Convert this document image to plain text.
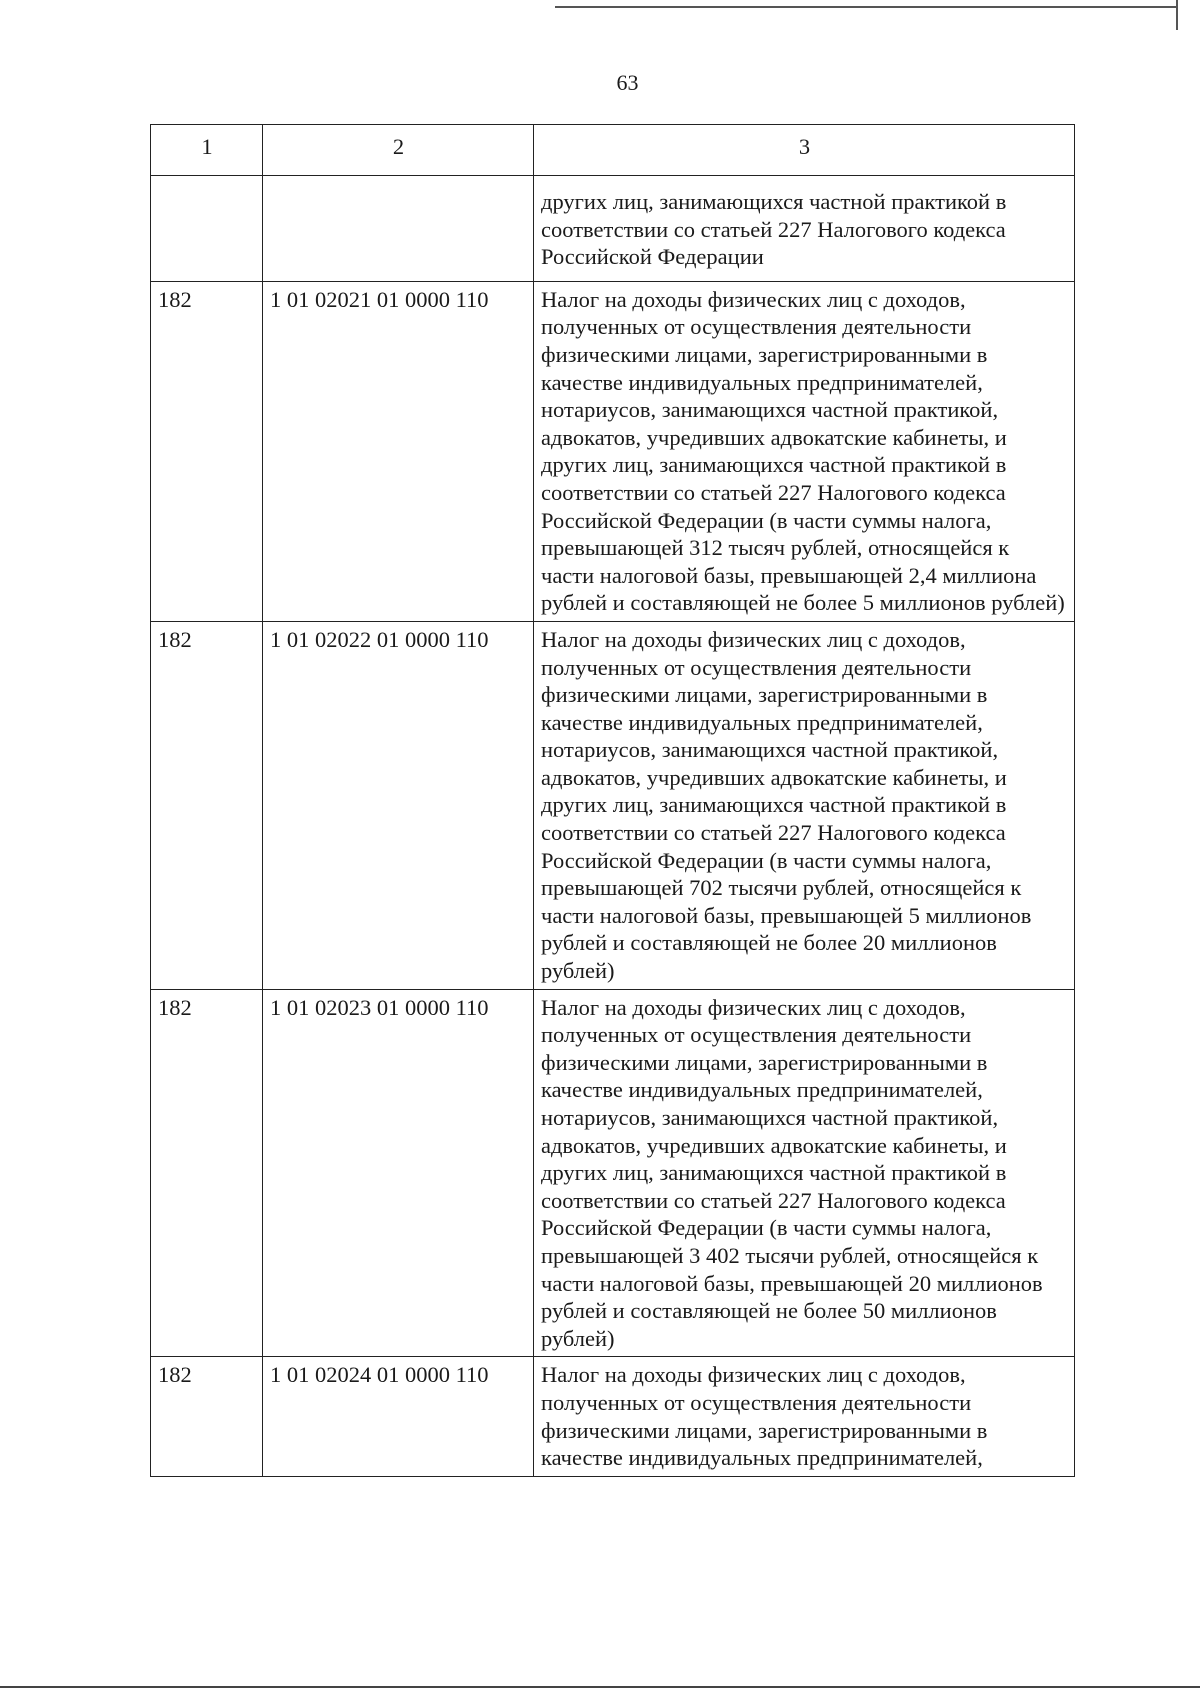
63
1	2	3
		других лиц, занимающихся частной практикой в соответствии со статьей 227 Налогового кодекса Российской Федерации
182	1 01 02021 01 0000 110	Налог на доходы физических лиц с доходов, полученных от осуществления деятельности физическими лицами, зарегистрированными в качестве индивидуальных предпринимателей, нотариусов, занимающихся частной практикой, адвокатов, учредивших адвокатские кабинеты, и других лиц, занимающихся частной практикой в соответствии со статьей 227 Налогового кодекса Российской Федерации (в части суммы налога, превышающей 312 тысяч рублей, относящейся к части налоговой базы, превышающей 2,4 миллиона рублей и составляющей не более 5 миллионов рублей)
182	1 01 02022 01 0000 110	Налог на доходы физических лиц с доходов, полученных от осуществления деятельности физическими лицами, зарегистрированными в качестве индивидуальных предпринимателей, нотариусов, занимающихся частной практикой, адвокатов, учредивших адвокатские кабинеты, и других лиц, занимающихся частной практикой в соответствии со статьей 227 Налогового кодекса Российской Федерации (в части суммы налога, превышающей 702 тысячи рублей, относящейся к части налоговой базы, превышающей 5 миллионов рублей и составляющей не более 20 миллионов рублей)
182	1 01 02023 01 0000 110	Налог на доходы физических лиц с доходов, полученных от осуществления деятельности физическими лицами, зарегистрированными в качестве индивидуальных предпринимателей, нотариусов, занимающихся частной практикой, адвокатов, учредивших адвокатские кабинеты, и других лиц, занимающихся частной практикой в соответствии со статьей 227 Налогового кодекса Российской Федерации (в части суммы налога, превышающей 3 402 тысячи рублей, относящейся к части налоговой базы, превышающей 20 миллионов рублей и составляющей не более 50 миллионов рублей)
182	1 01 02024 01 0000 110	Налог на доходы физических лиц с доходов, полученных от осуществления деятельности физическими лицами, зарегистрированными в качестве индивидуальных предпринимателей,
